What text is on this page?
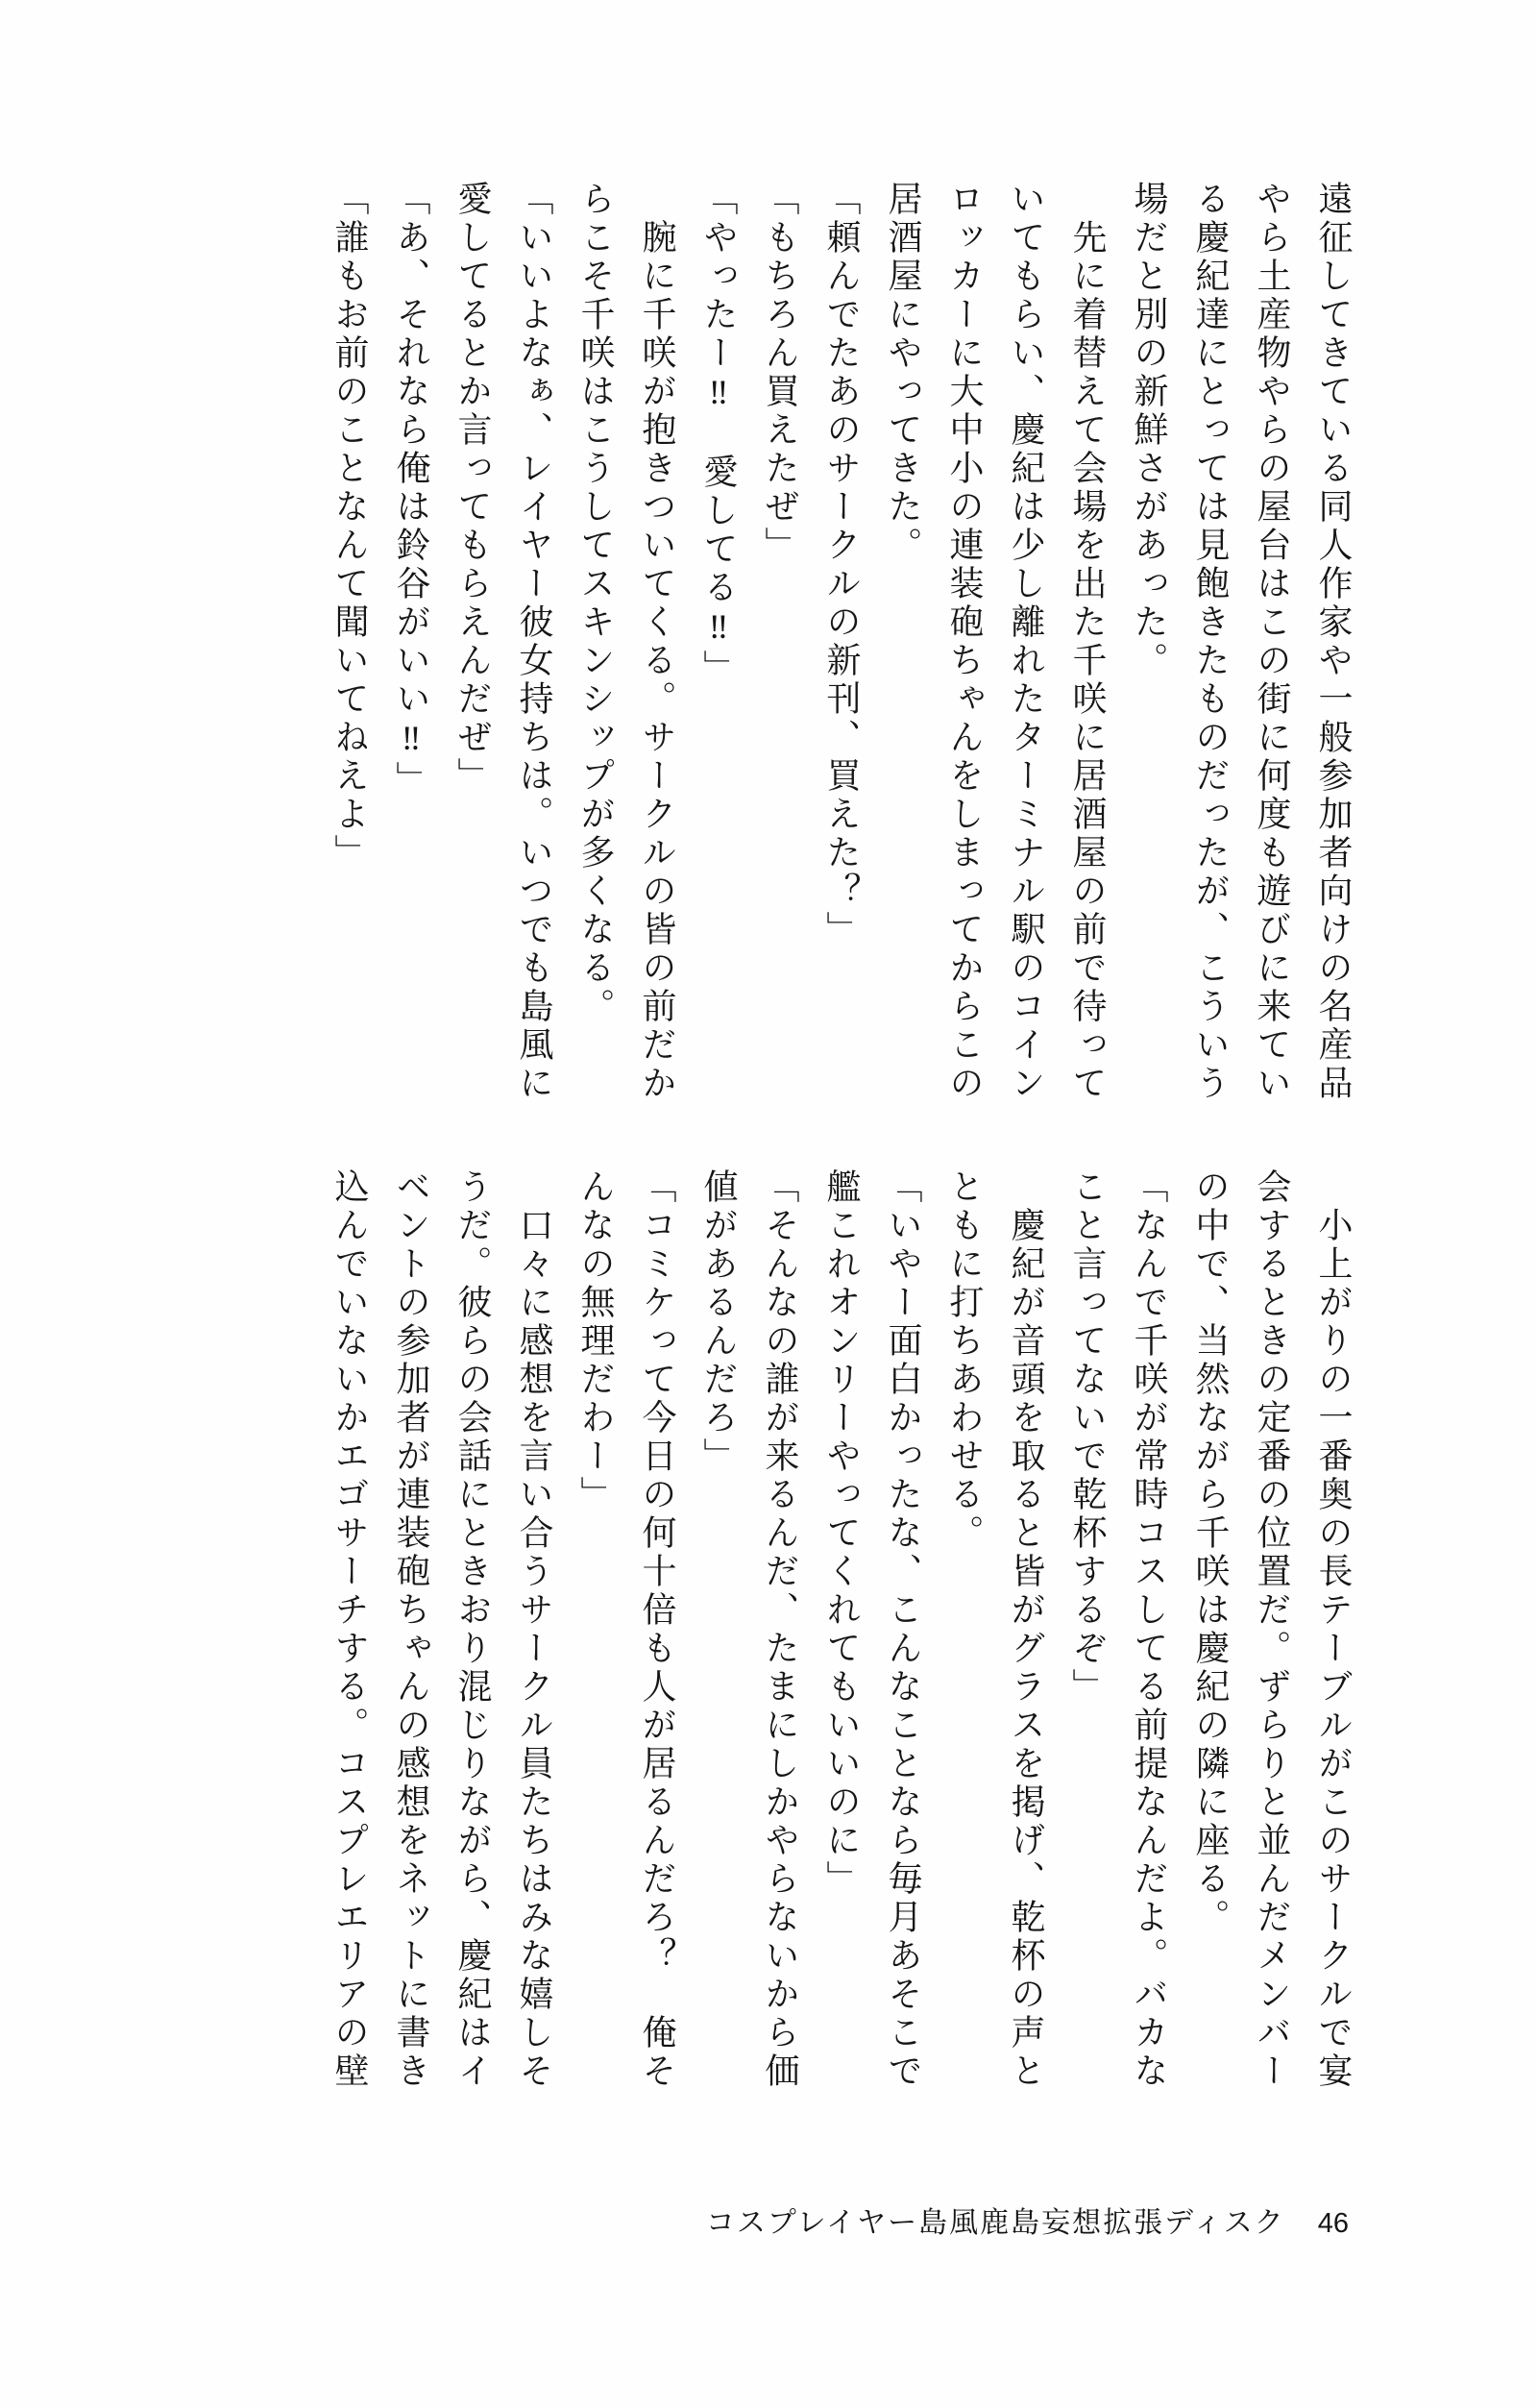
遠征してきている同人作家や一般参加者向けの名産品
やら土産物やらの屋台はこの街に何度も遊びに来てい
る慶紀達にとっては見飽きたものだったが、こういう
場だと別の新鮮さがあった。
　先に着替えて会場を出た千咲に居酒屋の前で待って
いてもらい、慶紀は少し離れたターミナル駅のコイン
ロッカーに大中小の連装砲ちゃんをしまってからこの
居酒屋にやってきた。
「頼んでたあのサークルの新刊、買えた？」
「もちろん買えたぜ」
「やったー‼　愛してる‼」
　腕に千咲が抱きついてくる。サークルの皆の前だか
らこそ千咲はこうしてスキンシップが多くなる。
「いいよなぁ、レイヤー彼女持ちは。いつでも島風に
愛してるとか言ってもらえんだぜ」
「あ、それなら俺は鈴谷がいい‼」
「誰もお前のことなんて聞いてねえよ」
　小上がりの一番奥の長テーブルがこのサークルで宴
会するときの定番の位置だ。ずらりと並んだメンバー
の中で、当然ながら千咲は慶紀の隣に座る。
「なんで千咲が常時コスしてる前提なんだよ。バカな
こと言ってないで乾杯するぞ」
　慶紀が音頭を取ると皆がグラスを掲げ、乾杯の声と
ともに打ちあわせる。
「いやー面白かったな、こんなことなら毎月あそこで
艦これオンリーやってくれてもいいのに」
「そんなの誰が来るんだ、たまにしかやらないから価
値があるんだろ」
「コミケって今日の何十倍も人が居るんだろ？　俺そ
んなの無理だわー」
　口々に感想を言い合うサークル員たちはみな嬉しそ
うだ。彼らの会話にときおり混じりながら、慶紀はイ
ベントの参加者が連装砲ちゃんの感想をネットに書き
込んでいないかエゴサーチする。コスプレエリアの壁
コスプレイヤー島風鹿島妄想拡張ディスク 46
